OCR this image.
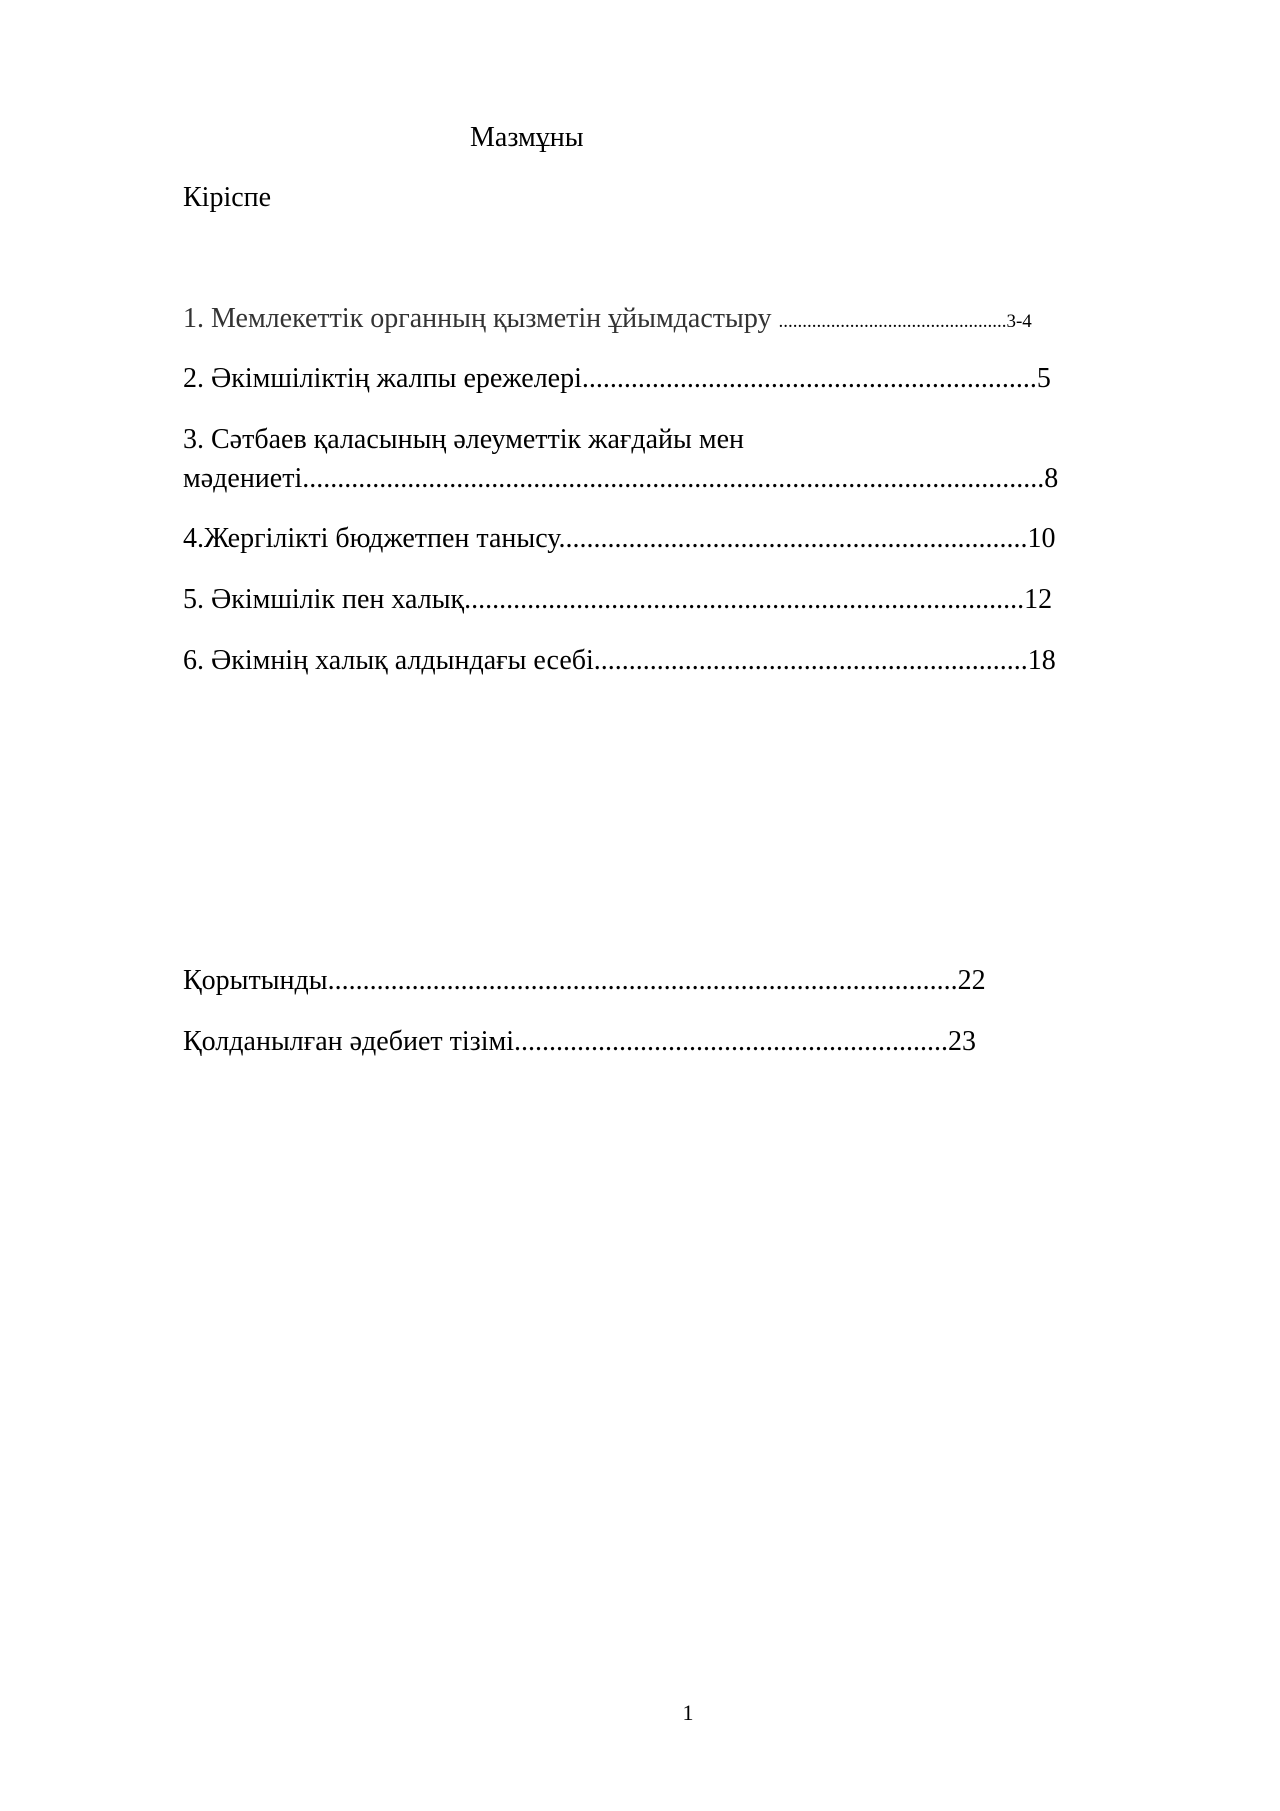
Мазмұны
Кіріспе
1. Мемлекеттік органның қызметін ұйымдастыру ................................................3-4
2. Әкімшіліктің жалпы ережелері.................................................................5
3. Сәтбаев қаласының әлеуметтік жағдайы мен
мәдениеті..........................................................................................................8
4.Жергілікті бюджетпен танысу...................................................................10
5. Әкімшілік пен халық................................................................................12
6. Әкімнің халық алдындағы есебі..............................................................18
Қорытынды..........................................................................................22
Қолданылған әдебиет тізімі..............................................................23
1
